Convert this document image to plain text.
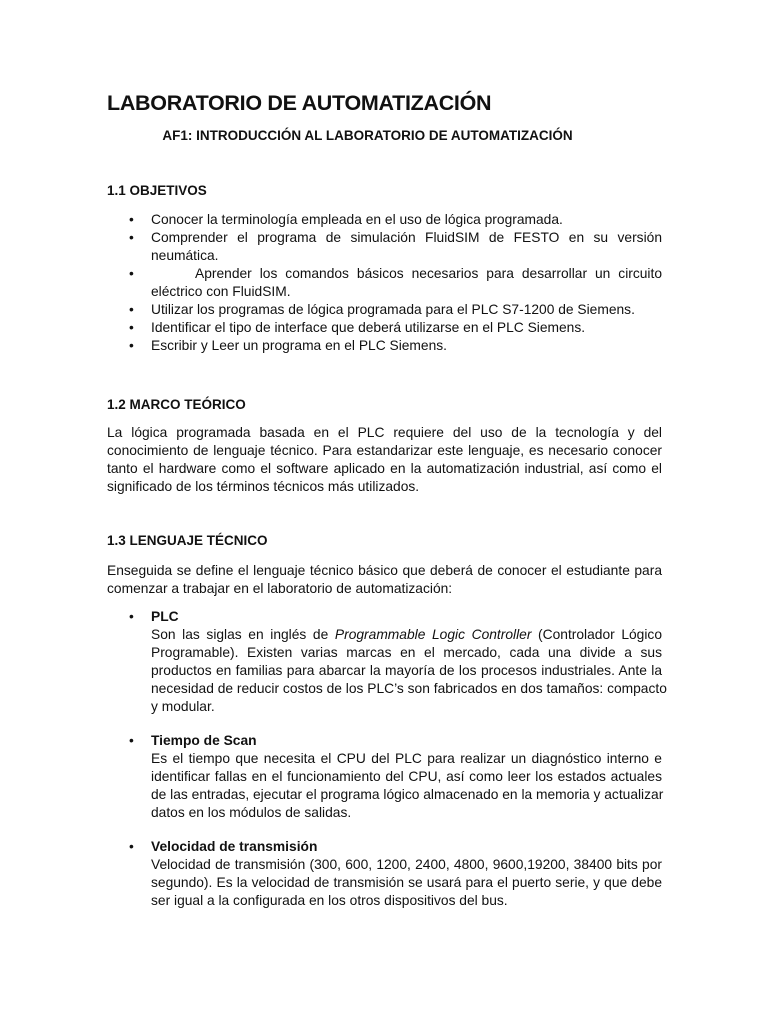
LABORATORIO DE AUTOMATIZACIÓN
AF1: INTRODUCCIÓN AL LABORATORIO DE AUTOMATIZACIÓN
1.1 OBJETIVOS
• Conocer la terminología empleada en el uso de lógica programada.
• Comprender el programa de simulación FluidSIM de FESTO en su versión
neumática.
•	Aprender los comandos básicos necesarios para desarrollar un circuito
eléctrico con FluidSIM.
• Utilizar los programas de lógica programada para el PLC S7-1200 de Siemens.
• Identificar el tipo de interface que deberá utilizarse en el PLC Siemens.
• Escribir y Leer un programa en el PLC Siemens.
1.2 MARCO TEÓRICO
La lógica programada basada en el PLC requiere del uso de la tecnología y del
conocimiento de lenguaje técnico. Para estandarizar este lenguaje, es necesario conocer
tanto el hardware como el software aplicado en la automatización industrial, así como el
significado de los términos técnicos más utilizados.
1.3 LENGUAJE TÉCNICO
Enseguida se define el lenguaje técnico básico que deberá de conocer el estudiante para
comenzar a trabajar en el laboratorio de automatización:
• PLC
Son las siglas en inglés de Programmable Logic Controller (Controlador Lógico
Programable). Existen varias marcas en el mercado, cada una divide a sus
productos en familias para abarcar la mayoría de los procesos industriales. Ante la
necesidad de reducir costos de los PLC’s son fabricados en dos tamaños: compacto
y modular.
• Tiempo de Scan
Es el tiempo que necesita el CPU del PLC para realizar un diagnóstico interno e
identificar fallas en el funcionamiento del CPU, así como leer los estados actuales
de las entradas, ejecutar el programa lógico almacenado en la memoria y actualizar
datos en los módulos de salidas.
• Velocidad de transmisión
Velocidad de transmisión (300, 600, 1200, 2400, 4800, 9600,19200, 38400 bits por
segundo). Es la velocidad de transmisión se usará para el puerto serie, y que debe
ser igual a la configurada en los otros dispositivos del bus.
